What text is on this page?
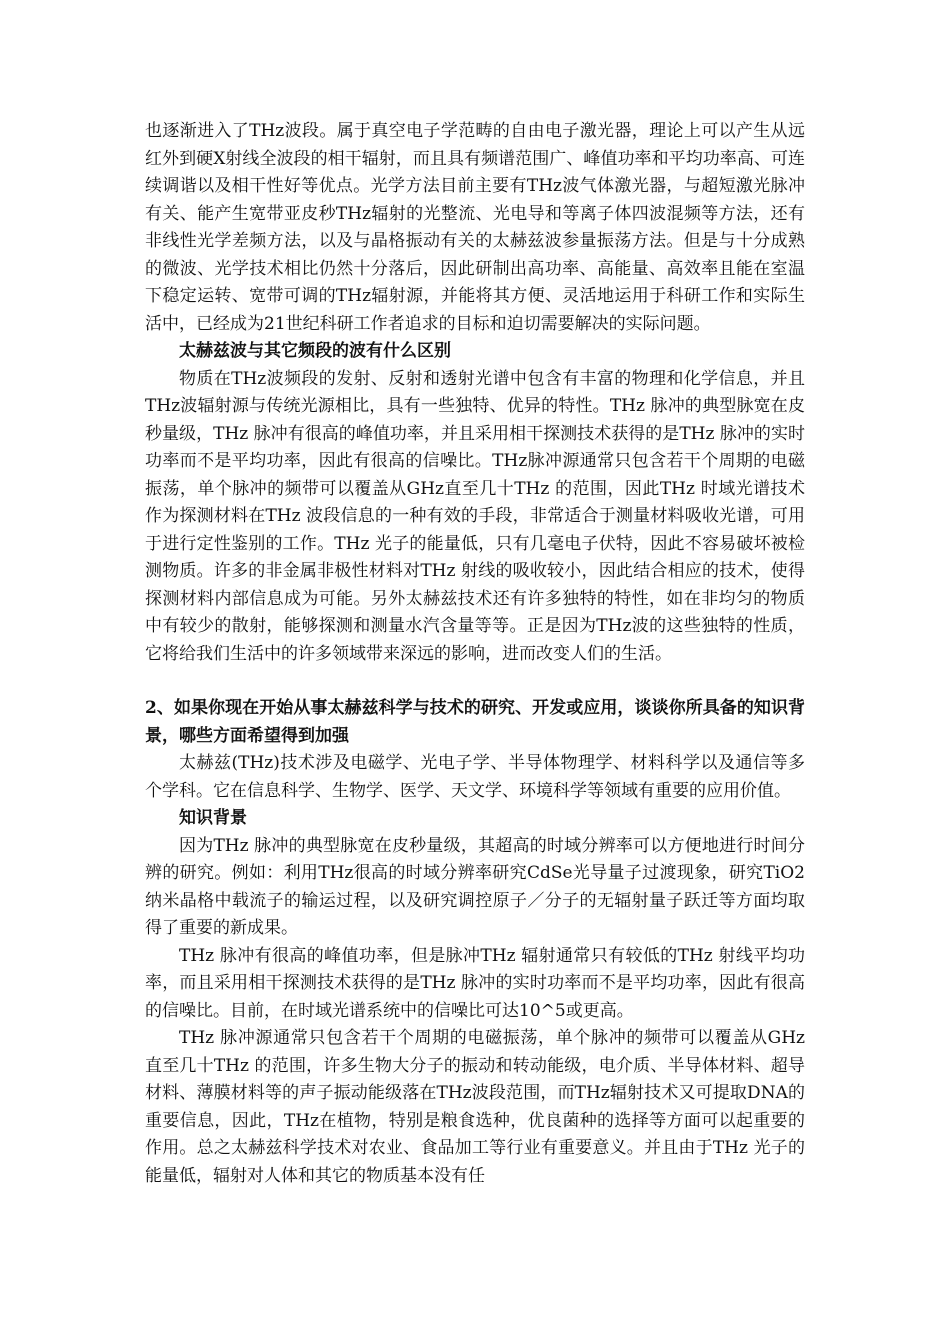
也逐渐进入了THz波段。属于真空电子学范畴的自由电子激光器，理论上可以产生从远红外到硬X射线全波段的相干辐射，而且具有频谱范围广、峰值功率和平均功率高、可连续调谐以及相干性好等优点。光学方法目前主要有THz波气体激光器，与超短激光脉冲有关、能产生宽带亚皮秒THz辐射的光整流、光电导和等离子体四波混频等方法，还有非线性光学差频方法，以及与晶格振动有关的太赫兹波参量振荡方法。但是与十分成熟的微波、光学技术相比仍然十分落后，因此研制出高功率、高能量、高效率且能在室温下稳定运转、宽带可调的THz辐射源，并能将其方便、灵活地运用于科研工作和实际生活中，已经成为21世纪科研工作者追求的目标和迫切需要解决的实际问题。

太赫兹波与其它频段的波有什么区别

物质在THz波频段的发射、反射和透射光谱中包含有丰富的物理和化学信息，并且THz波辐射源与传统光源相比，具有一些独特、优异的特性。THz 脉冲的典型脉宽在皮秒量级，THz 脉冲有很高的峰值功率，并且采用相干探测技术获得的是THz 脉冲的实时功率而不是平均功率，因此有很高的信噪比。THz脉冲源通常只包含若干个周期的电磁振荡，单个脉冲的频带可以覆盖从GHz直至几十THz 的范围，因此THz 时域光谱技术作为探测材料在THz 波段信息的一种有效的手段，非常适合于测量材料吸收光谱，可用于进行定性鉴别的工作。THz 光子的能量低，只有几毫电子伏特，因此不容易破坏被检测物质。许多的非金属非极性材料对THz 射线的吸收较小，因此结合相应的技术，使得探测材料内部信息成为可能。另外太赫兹技术还有许多独特的特性，如在非均匀的物质中有较少的散射，能够探测和测量水汽含量等等。正是因为THz波的这些独特的性质，它将给我们生活中的许多领域带来深远的影响，进而改变人们的生活。

2、如果你现在开始从事太赫兹科学与技术的研究、开发或应用，谈谈你所具备的知识背景，哪些方面希望得到加强

太赫兹(THz)技术涉及电磁学、光电子学、半导体物理学、材料科学以及通信等多个学科。它在信息科学、生物学、医学、天文学、环境科学等领域有重要的应用价值。

知识背景

因为THz 脉冲的典型脉宽在皮秒量级，其超高的时域分辨率可以方便地进行时间分辨的研究。例如：利用THz很高的时域分辨率研究CdSe光导量子过渡现象，研究TiO2纳米晶格中载流子的输运过程，以及研究调控原子／分子的无辐射量子跃迁等方面均取得了重要的新成果。

THz 脉冲有很高的峰值功率，但是脉冲THz 辐射通常只有较低的THz 射线平均功率，而且采用相干探测技术获得的是THz 脉冲的实时功率而不是平均功率，因此有很高的信噪比。目前，在时域光谱系统中的信噪比可达10^5或更高。

THz 脉冲源通常只包含若干个周期的电磁振荡，单个脉冲的频带可以覆盖从GHz 直至几十THz 的范围，许多生物大分子的振动和转动能级，电介质、半导体材料、超导材料、薄膜材料等的声子振动能级落在THz波段范围，而THz辐射技术又可提取DNA的重要信息，因此，THz在植物，特别是粮食选种，优良菌种的选择等方面可以起重要的作用。总之太赫兹科学技术对农业、食品加工等行业有重要意义。并且由于THz 光子的能量低，辐射对人体和其它的物质基本没有任
